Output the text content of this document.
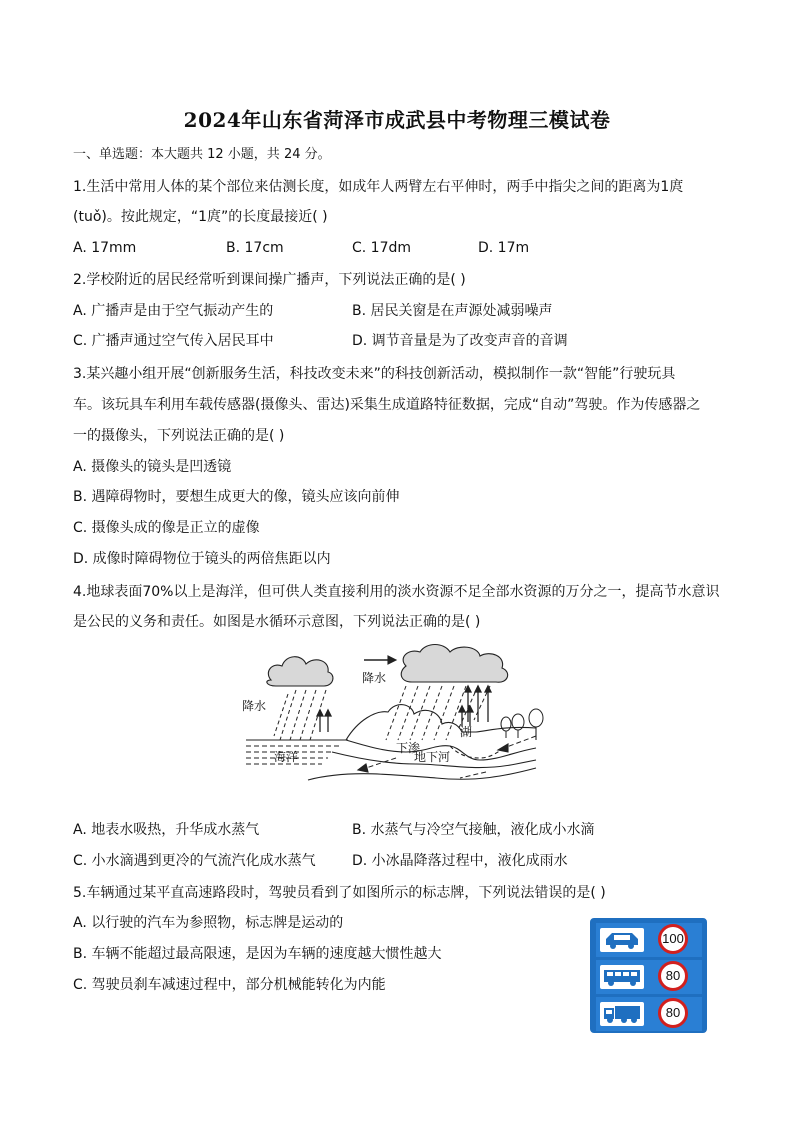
2024年山东省菏泽市成武县中考物理三模试卷
一、单选题：本大题共 12 小题，共 24 分。
1.生活中常用人体的某个部位来估测长度，如成年人两臂左右平伸时，两手中指尖之间的距离为1庹
(tuǒ)。按此规定，“1庹”的长度最接近( )
A. 17mm	B. 17cm	C. 17dm	D. 17m
2.学校附近的居民经常听到课间操广播声，下列说法正确的是( )
A. 广播声是由于空气振动产生的	B. 居民关窗是在声源处减弱噪声
C. 广播声通过空气传入居民耳中	D. 调节音量是为了改变声音的音调
3.某兴趣小组开展“创新服务生活，科技改变未来”的科技创新活动，模拟制作一款“智能”行驶玩具
车。该玩具车利用车载传感器(摄像头、雷达)采集生成道路特征数据，完成“自动”驾驶。作为传感器之
一的摄像头，下列说法正确的是( )
A. 摄像头的镜头是凹透镜
B. 遇障碍物时，要想生成更大的像，镜头应该向前伸
C. 摄像头成的像是正立的虚像
D. 成像时障碍物位于镜头的两倍焦距以内
4.地球表面70%以上是海洋，但可供人类直接利用的淡水资源不足全部水资源的万分之一，提高节水意识
是公民的义务和责任。如图是水循环示意图，下列说法正确的是( )
降水
降水
湖
海洋
下渗
地下河
A. 地表水吸热，升华成水蒸气	B. 水蒸气与冷空气接触，液化成小水滴
C. 小水滴遇到更冷的气流汽化成水蒸气	D. 小冰晶降落过程中，液化成雨水
5.车辆通过某平直高速路段时，驾驶员看到了如图所示的标志牌，下列说法错误的是( )
A. 以行驶的汽车为参照物，标志牌是运动的
B. 车辆不能超过最高限速，是因为车辆的速度越大惯性越大
C. 驾驶员刹车减速过程中，部分机械能转化为内能
100
80
80
